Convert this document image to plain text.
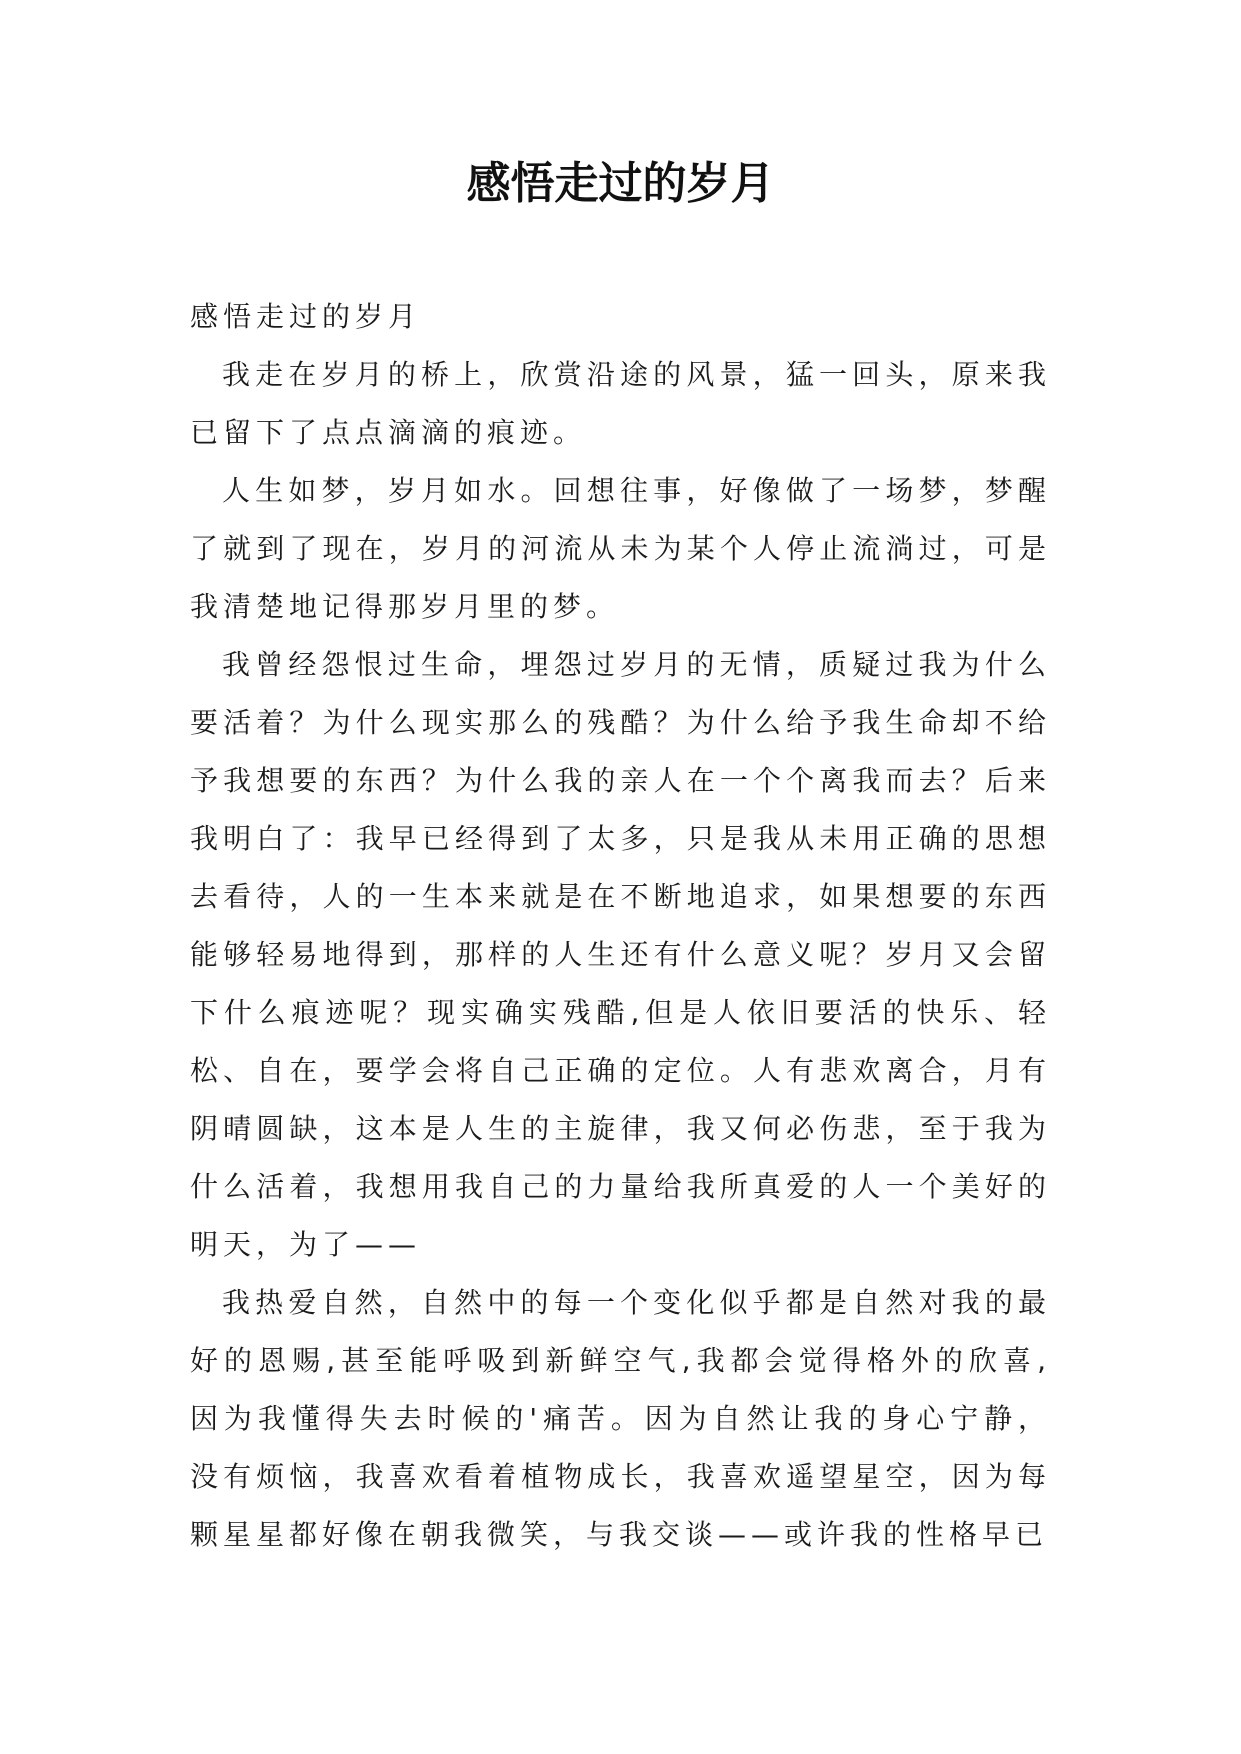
感悟走过的岁月

感悟走过的岁月

我走在岁月的桥上，欣赏沿途的风景，猛一回头，原来我已留下了点点滴滴的痕迹。

人生如梦，岁月如水。回想往事，好像做了一场梦，梦醒了就到了现在，岁月的河流从未为某个人停止流淌过，可是我清楚地记得那岁月里的梦。

我曾经怨恨过生命，埋怨过岁月的无情，质疑过我为什么要活着？为什么现实那么的残酷？为什么给予我生命却不给予我想要的东西？为什么我的亲人在一个个离我而去？后来我明白了：我早已经得到了太多，只是我从未用正确的思想去看待，人的一生本来就是在不断地追求，如果想要的东西能够轻易地得到，那样的人生还有什么意义呢？岁月又会留下什么痕迹呢？现实确实残酷,但是人依旧要活的快乐、轻松、自在，要学会将自己正确的定位。人有悲欢离合，月有阴晴圆缺，这本是人生的主旋律，我又何必伤悲，至于我为什么活着，我想用我自己的力量给我所真爱的人一个美好的明天，为了——

我热爱自然，自然中的每一个变化似乎都是自然对我的最好的恩赐,甚至能呼吸到新鲜空气,我都会觉得格外的欣喜,因为我懂得失去时候的'痛苦。因为自然让我的身心宁静，没有烦恼，我喜欢看着植物成长，我喜欢遥望星空，因为每颗星星都好像在朝我微笑，与我交谈——或许我的性格早已
